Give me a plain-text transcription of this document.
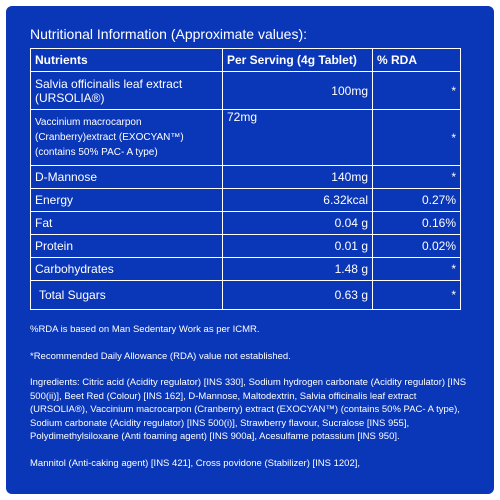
Nutritional Information (Approximate values):
Nutrients	Per Serving (4g Tablet)	% RDA
Salvia officinalis leaf extract (URSOLIA®)	100mg	*
Vaccinium macrocarpon (Cranberry)extract (EXOCYAN™) (contains 50% PAC- A type)	72mg	*
D-Mannose	140mg	*
Energy	6.32kcal	0.27%
Fat	0.04 g	0.16%
Protein	0.01 g	0.02%
Carbohydrates	1.48 g	*
Total Sugars	0.63 g	*

%RDA is based on Man Sedentary Work as per ICMR.

*Recommended Daily Allowance (RDA) value not established.

Ingredients: Citric acid (Acidity regulator) [INS 330], Sodium hydrogen carbonate (Acidity regulator) [INS 500(ii)], Beet Red (Colour) [INS 162], D-Mannose, Maltodextrin, Salvia officinalis leaf extract (URSOLIA®), Vaccinium macrocarpon (Cranberry) extract (EXOCYAN™) (contains 50% PAC- A type), Sodium carbonate (Acidity regulator) [INS 500(i)], Strawberry flavour, Sucralose [INS 955], Polydimethylsiloxane (Anti foaming agent) [INS 900a], Acesulfame potassium [INS 950].

Mannitol (Anti-caking agent) [INS 421], Cross povidone (Stabilizer) [INS 1202],
